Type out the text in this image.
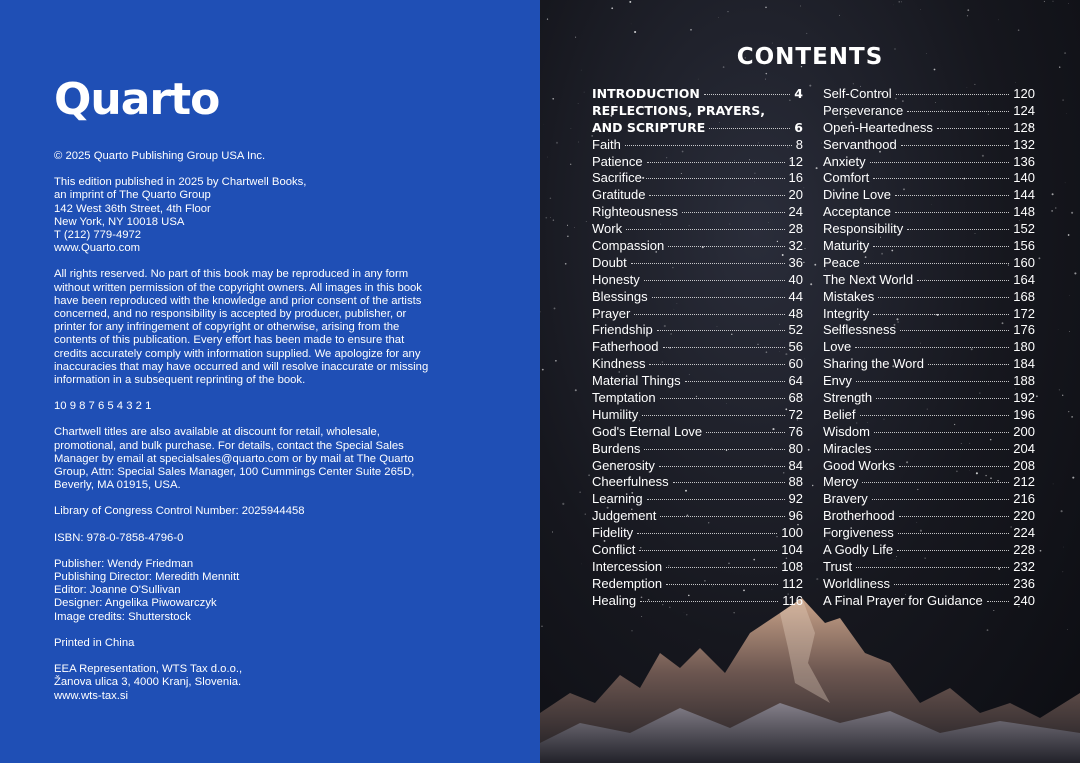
Quarto
© 2025 Quarto Publishing Group USA Inc.
This edition published in 2025 by Chartwell Books,
an imprint of The Quarto Group
142 West 36th Street, 4th Floor
New York, NY 10018 USA
T (212) 779-4972
www.Quarto.com
All rights reserved. No part of this book may be reproduced in any form
without written permission of the copyright owners. All images in this book
have been reproduced with the knowledge and prior consent of the artists
concerned, and no responsibility is accepted by producer, publisher, or
printer for any infringement of copyright or otherwise, arising from the
contents of this publication. Every effort has been made to ensure that
credits accurately comply with information supplied. We apologize for any
inaccuracies that may have occurred and will resolve inaccurate or missing
information in a subsequent reprinting of the book.
10 9 8 7 6 5 4 3 2 1
Chartwell titles are also available at discount for retail, wholesale,
promotional, and bulk purchase. For details, contact the Special Sales
Manager by email at specialsales@quarto.com or by mail at The Quarto
Group, Attn: Special Sales Manager, 100 Cummings Center Suite 265D,
Beverly, MA 01915, USA.
Library of Congress Control Number: 2025944458
ISBN: 978-0-7858-4796-0
Publisher: Wendy Friedman
Publishing Director: Meredith Mennitt
Editor: Joanne O'Sullivan
Designer: Angelika Piwowarczyk
Image credits: Shutterstock
Printed in China
EEA Representation, WTS Tax d.o.o.,
Žanova ulica 3, 4000 Kranj, Slovenia.
www.wts-tax.si
CONTENTS
INTRODUCTION	4
REFLECTIONS, PRAYERS,
AND SCRIPTURE	6
Faith	8
Patience	12
Sacrifice	16
Gratitude	20
Righteousness	24
Work	28
Compassion	32
Doubt	36
Honesty	40
Blessings	44
Prayer	48
Friendship	52
Fatherhood	56
Kindness	60
Material Things	64
Temptation	68
Humility	72
God's Eternal Love	76
Burdens	80
Generosity	84
Cheerfulness	88
Learning	92
Judgement	96
Fidelity	100
Conflict	104
Intercession	108
Redemption	112
Healing	116
Self-Control	120
Perseverance	124
Open-Heartedness	128
Servanthood	132
Anxiety	136
Comfort	140
Divine Love	144
Acceptance	148
Responsibility	152
Maturity	156
Peace	160
The Next World	164
Mistakes	168
Integrity	172
Selflessness	176
Love	180
Sharing the Word	184
Envy	188
Strength	192
Belief	196
Wisdom	200
Miracles	204
Good Works	208
Mercy	212
Bravery	216
Brotherhood	220
Forgiveness	224
A Godly Life	228
Trust	232
Worldliness	236
A Final Prayer for Guidance 240
